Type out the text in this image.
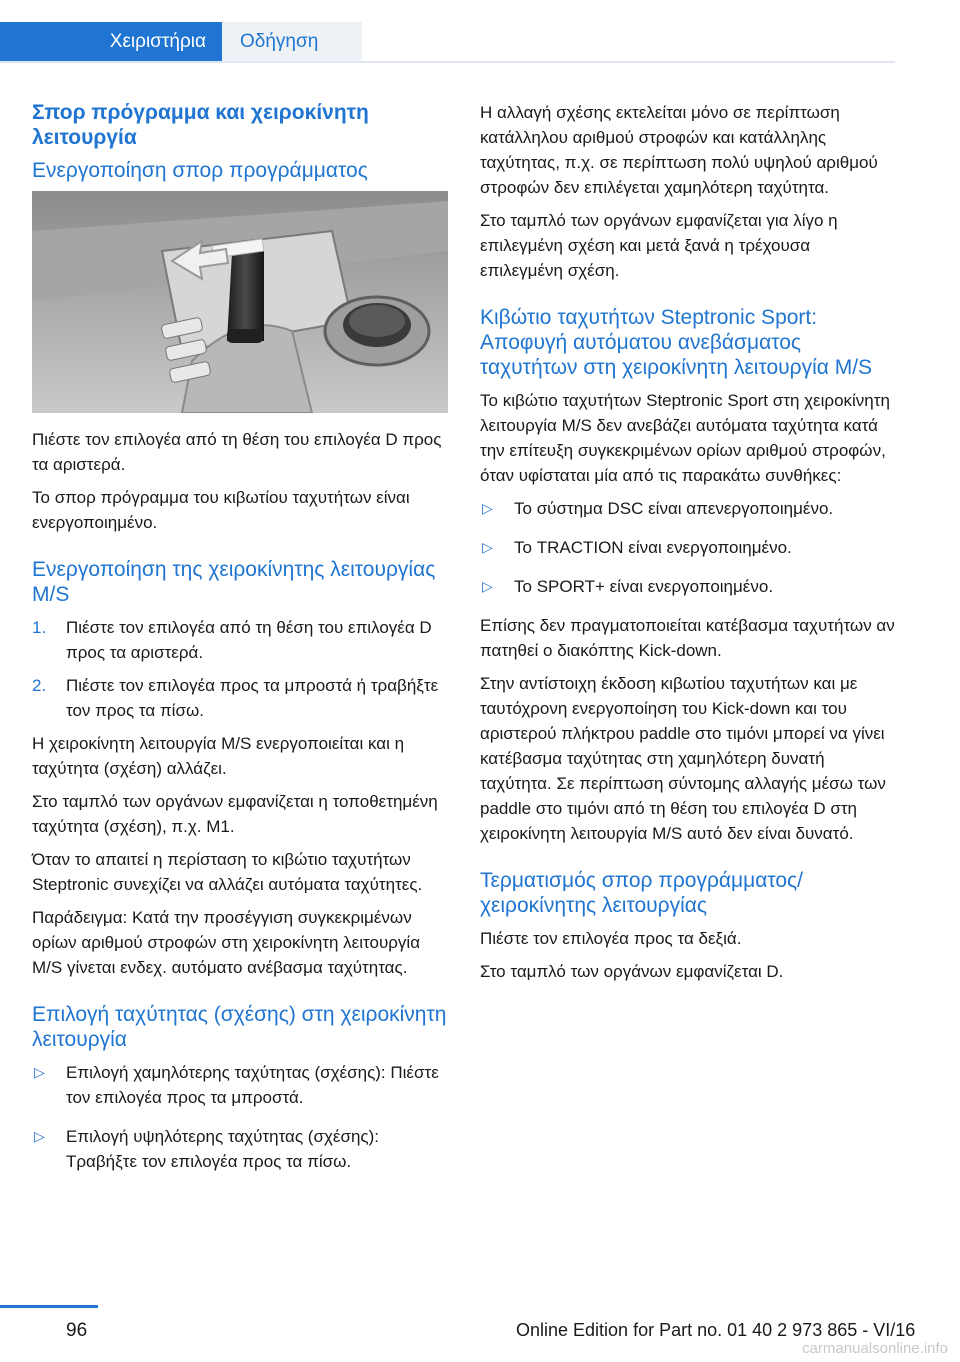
Χειριστήρια	Οδήγηση
Σπορ πρόγραμμα και χειροκίνητη λειτουργία
Ενεργοποίηση σπορ προγράμματος

Πιέστε τον επιλογέα από τη θέση του επιλογέα D προς τα αριστερά.

Το σπορ πρόγραμμα του κιβωτίου ταχυτήτων είναι ενεργοποιημένο.

Ενεργοποίηση της χειροκίνητης λειτουργίας M/S
1. Πιέστε τον επιλογέα από τη θέση του επιλογέα D προς τα αριστερά.
2. Πιέστε τον επιλογέα προς τα μπροστά ή τραβήξτε τον προς τα πίσω.

Η χειροκίνητη λειτουργία M/S ενεργοποιείται και η ταχύτητα (σχέση) αλλάζει.

Στο ταμπλό των οργάνων εμφανίζεται η τοποθετημένη ταχύτητα (σχέση), π.χ. M1.

Όταν το απαιτεί η περίσταση το κιβώτιο ταχυτήτων Steptronic συνεχίζει να αλλάζει αυτόματα ταχύτητες.

Παράδειγμα: Κατά την προσέγγιση συγκεκριμένων ορίων αριθμού στροφών στη χειροκίνητη λειτουργία M/S γίνεται ενδεχ. αυτόματο ανέβασμα ταχύτητας.

Επιλογή ταχύτητας (σχέσης) στη χειροκίνητη λειτουργία
▷ Επιλογή χαμηλότερης ταχύτητας (σχέσης): Πιέστε τον επιλογέα προς τα μπροστά.
▷ Επιλογή υψηλότερης ταχύτητας (σχέσης): Τραβήξτε τον επιλογέα προς τα πίσω.

Η αλλαγή σχέσης εκτελείται μόνο σε περίπτωση κατάλληλου αριθμού στροφών και κατάλληλης ταχύτητας, π.χ. σε περίπτωση πολύ υψηλού αριθμού στροφών δεν επιλέγεται χαμηλότερη ταχύτητα.

Στο ταμπλό των οργάνων εμφανίζεται για λίγο η επιλεγμένη σχέση και μετά ξανά η τρέχουσα επιλεγμένη σχέση.

Κιβώτιο ταχυτήτων Steptronic Sport: Αποφυγή αυτόματου ανεβάσματος ταχυτήτων στη χειροκίνητη λειτουργία M/S

Το κιβώτιο ταχυτήτων Steptronic Sport στη χειροκίνητη λειτουργία M/S δεν ανεβάζει αυτόματα ταχύτητα κατά την επίτευξη συγκεκριμένων ορίων αριθμού στροφών, όταν υφίσταται μία από τις παρακάτω συνθήκες:

▷ Το σύστημα DSC είναι απενεργοποιημένο.
▷ Το TRACTION είναι ενεργοποιημένο.
▷ Το SPORT+ είναι ενεργοποιημένο.

Επίσης δεν πραγματοποιείται κατέβασμα ταχυτήτων αν πατηθεί ο διακόπτης Kick-down.

Στην αντίστοιχη έκδοση κιβωτίου ταχυτήτων και με ταυτόχρονη ενεργοποίηση του Kick-down και του αριστερού πλήκτρου paddle στο τιμόνι μπορεί να γίνει κατέβασμα ταχύτητας στη χαμηλότερη δυνατή ταχύτητα. Σε περίπτωση σύντομης αλλαγής μέσω των paddle στο τιμόνι από τη θέση του επιλογέα D στη χειροκίνητη λειτουργία M/S αυτό δεν είναι δυνατό.

Τερματισμός σπορ προγράμματος/ χειροκίνητης λειτουργίας

Πιέστε τον επιλογέα προς τα δεξιά.

Στο ταμπλό των οργάνων εμφανίζεται D.

96	Online Edition for Part no. 01 40 2 973 865 - VI/16
carmanualsonline.info
